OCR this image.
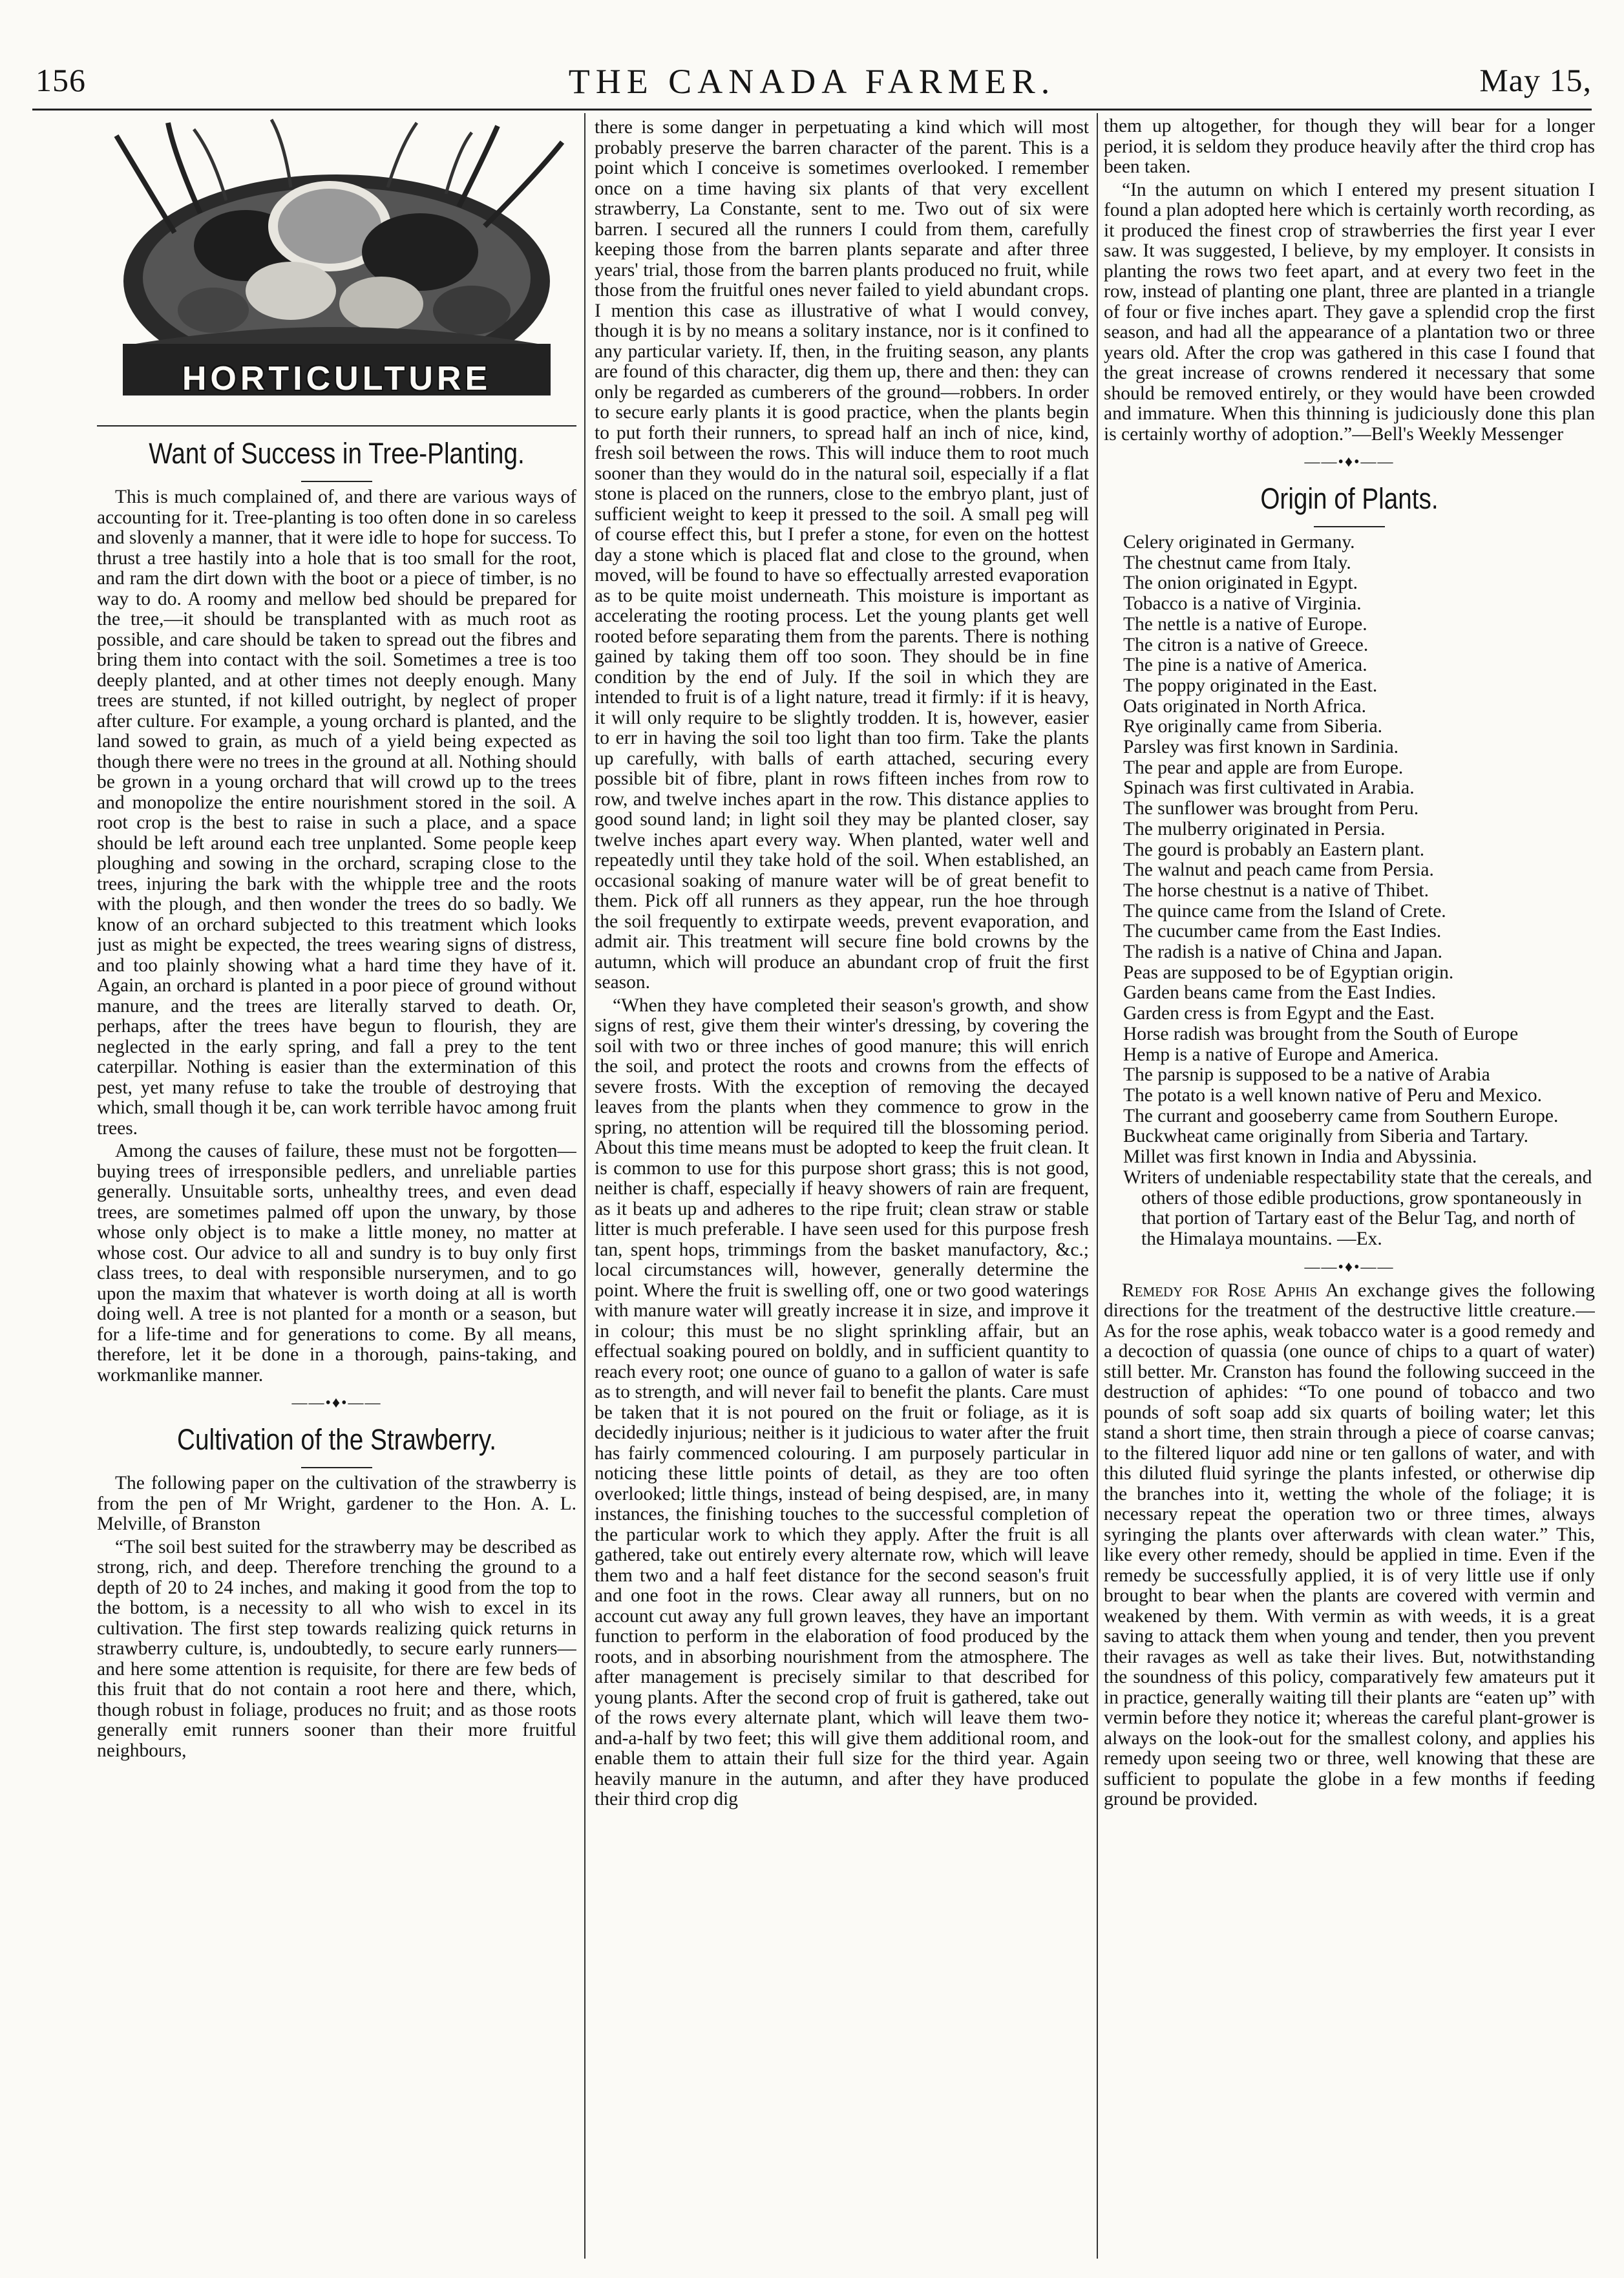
156	THE CANADA FARMER.	May 15,
HORTICULTURE
Want of Success in Tree-Planting.

This is much complained of, and there are various ways of accounting for it. Tree-planting is too often done in so careless and slovenly a manner, that it were idle to hope for success. To thrust a tree hastily into a hole that is too small for the root, and ram the dirt down with the boot or a piece of timber, is no way to do. A roomy and mellow bed should be prepared for the tree,—it should be transplanted with as much root as possible, and care should be taken to spread out the fibres and bring them into contact with the soil. Sometimes a tree is too deeply planted, and at other times not deeply enough. Many trees are stunted, if not killed outright, by neglect of proper after culture. For example, a young orchard is planted, and the land sowed to grain, as much of a yield being expected as though there were no trees in the ground at all. Nothing should be grown in a young orchard that will crowd up to the trees and monopolize the entire nourishment stored in the soil. A root crop is the best to raise in such a place, and a space should be left around each tree unplanted. Some people keep ploughing and sowing in the orchard, scraping close to the trees, injuring the bark with the whipple tree and the roots with the plough, and then wonder the trees do so badly. We know of an orchard subjected to this treatment which looks just as might be expected, the trees wearing signs of distress, and too plainly showing what a hard time they have of it. Again, an orchard is planted in a poor piece of ground without manure, and the trees are literally starved to death. Or, perhaps, after the trees have begun to flourish, they are neglected in the early spring, and fall a prey to the tent caterpillar. Nothing is easier than the extermination of this pest, yet many refuse to take the trouble of destroying that which, small though it be, can work terrible havoc among fruit trees.

Among the causes of failure, these must not be forgotten—buying trees of irresponsible pedlers, and unreliable parties generally. Unsuitable sorts, unhealthy trees, and even dead trees, are sometimes palmed off upon the unwary, by those whose only object is to make a little money, no matter at whose cost. Our advice to all and sundry is to buy only first class trees, to deal with responsible nurserymen, and to go upon the maxim that whatever is worth doing at all is worth doing well. A tree is not planted for a month or a season, but for a life-time and for generations to come. By all means, therefore, let it be done in a thorough, pains-taking, and workmanlike manner.

——•♦•——
Cultivation of the Strawberry.

The following paper on the cultivation of the strawberry is from the pen of Mr Wright, gardener to the Hon. A. L. Melville, of Branston

“The soil best suited for the strawberry may be described as strong, rich, and deep. Therefore trenching the ground to a depth of 20 to 24 inches, and making it good from the top to the bottom, is a necessity to all who wish to excel in its cultivation. The first step towards realizing quick returns in strawberry culture, is, undoubtedly, to secure early runners—and here some attention is requisite, for there are few beds of this fruit that do not contain a root here and there, which, though robust in foliage, produces no fruit; and as those roots generally emit runners sooner than their more fruitful neighbours,

there is some danger in perpetuating a kind which will most probably preserve the barren character of the parent. This is a point which I conceive is sometimes overlooked. I remember once on a time having six plants of that very excellent strawberry, La Constante, sent to me. Two out of six were barren. I secured all the runners I could from them, carefully keeping those from the barren plants separate and after three years' trial, those from the barren plants produced no fruit, while those from the fruitful ones never failed to yield abundant crops. I mention this case as illustrative of what I would convey, though it is by no means a solitary instance, nor is it confined to any particular variety. If, then, in the fruiting season, any plants are found of this character, dig them up, there and then: they can only be regarded as cumberers of the ground—robbers. In order to secure early plants it is good practice, when the plants begin to put forth their runners, to spread half an inch of nice, kind, fresh soil between the rows. This will induce them to root much sooner than they would do in the natural soil, especially if a flat stone is placed on the runners, close to the embryo plant, just of sufficient weight to keep it pressed to the soil. A small peg will of course effect this, but I prefer a stone, for even on the hottest day a stone which is placed flat and close to the ground, when moved, will be found to have so effectually arrested evaporation as to be quite moist underneath. This moisture is important as accelerating the rooting process. Let the young plants get well rooted before separating them from the parents. There is nothing gained by taking them off too soon. They should be in fine condition by the end of July. If the soil in which they are intended to fruit is of a light nature, tread it firmly: if it is heavy, it will only require to be slightly trodden. It is, however, easier to err in having the soil too light than too firm. Take the plants up carefully, with balls of earth attached, securing every possible bit of fibre, plant in rows fifteen inches from row to row, and twelve inches apart in the row. This distance applies to good sound land; in light soil they may be planted closer, say twelve inches apart every way. When planted, water well and repeatedly until they take hold of the soil. When established, an occasional soaking of manure water will be of great benefit to them. Pick off all runners as they appear, run the hoe through the soil frequently to extirpate weeds, prevent evaporation, and admit air. This treatment will secure fine bold crowns by the autumn, which will produce an abundant crop of fruit the first season.

“When they have completed their season's growth, and show signs of rest, give them their winter's dressing, by covering the soil with two or three inches of good manure; this will enrich the soil, and protect the roots and crowns from the effects of severe frosts. With the exception of removing the decayed leaves from the plants when they commence to grow in the spring, no attention will be required till the blossoming period. About this time means must be adopted to keep the fruit clean. It is common to use for this purpose short grass; this is not good, neither is chaff, especially if heavy showers of rain are frequent, as it beats up and adheres to the ripe fruit; clean straw or stable litter is much preferable. I have seen used for this purpose fresh tan, spent hops, trimmings from the basket manufactory, &c.; local circumstances will, however, generally determine the point. Where the fruit is swelling off, one or two good waterings with manure water will greatly increase it in size, and improve it in colour; this must be no slight sprinkling affair, but an effectual soaking poured on boldly, and in sufficient quantity to reach every root; one ounce of guano to a gallon of water is safe as to strength, and will never fail to benefit the plants. Care must be taken that it is not poured on the fruit or foliage, as it is decidedly injurious; neither is it judicious to water after the fruit has fairly commenced colouring. I am purposely particular in noticing these little points of detail, as they are too often overlooked; little things, instead of being despised, are, in many instances, the finishing touches to the successful completion of the particular work to which they apply. After the fruit is all gathered, take out entirely every alternate row, which will leave them two and a half feet distance for the second season's fruit and one foot in the rows. Clear away all runners, but on no account cut away any full grown leaves, they have an important function to perform in the elaboration of food produced by the roots, and in absorbing nourishment from the atmosphere. The after management is precisely similar to that described for young plants. After the second crop of fruit is gathered, take out of the rows every alternate plant, which will leave them two-and-a-half by two feet; this will give them additional room, and enable them to attain their full size for the third year. Again heavily manure in the autumn, and after they have produced their third crop dig

them up altogether, for though they will bear for a longer period, it is seldom they produce heavily after the third crop has been taken.

“In the autumn on which I entered my present situation I found a plan adopted here which is certainly worth recording, as it produced the finest crop of strawberries the first year I ever saw. It was suggested, I believe, by my employer. It consists in planting the rows two feet apart, and at every two feet in the row, instead of planting one plant, three are planted in a triangle of four or five inches apart. They gave a splendid crop the first season, and had all the appearance of a plantation two or three years old. After the crop was gathered in this case I found that the great increase of crowns rendered it necessary that some should be removed entirely, or they would have been crowded and immature. When this thinning is judiciously done this plan is certainly worthy of adoption.”—Bell's Weekly Messenger

——•♦•——
Origin of Plants.

Celery originated in Germany.

The chestnut came from Italy.

The onion originated in Egypt.

Tobacco is a native of Virginia.

The nettle is a native of Europe.

The citron is a native of Greece.

The pine is a native of America.

The poppy originated in the East.

Oats originated in North Africa.

Rye originally came from Siberia.

Parsley was first known in Sardinia.

The pear and apple are from Europe.

Spinach was first cultivated in Arabia.

The sunflower was brought from Peru.

The mulberry originated in Persia.

The gourd is probably an Eastern plant.

The walnut and peach came from Persia.

The horse chestnut is a native of Thibet.

The quince came from the Island of Crete.

The cucumber came from the East Indies.

The radish is a native of China and Japan.

Peas are supposed to be of Egyptian origin.

Garden beans came from the East Indies.

Garden cress is from Egypt and the East.

Horse radish was brought from the South of Europe

Hemp is a native of Europe and America.

The parsnip is supposed to be a native of Arabia

The potato is a well known native of Peru and Mexico.

The currant and gooseberry came from Southern Europe.

Buckwheat came originally from Siberia and Tartary.

Millet was first known in India and Abyssinia.

Writers of undeniable respectability state that the cereals, and others of those edible productions, grow spontaneously in that portion of Tartary east of the Belur Tag, and north of the Himalaya mountains. —Ex.

——•♦•——

Remedy for Rose Aphis An exchange gives the following directions for the treatment of the destructive little creature.—As for the rose aphis, weak tobacco water is a good remedy and a decoction of quassia (one ounce of chips to a quart of water) still better. Mr. Cranston has found the following succeed in the destruction of aphides: “To one pound of tobacco and two pounds of soft soap add six quarts of boiling water; let this stand a short time, then strain through a piece of coarse canvas; to the filtered liquor add nine or ten gallons of water, and with this diluted fluid syringe the plants infested, or otherwise dip the branches into it, wetting the whole of the foliage; it is necessary repeat the operation two or three times, always syringing the plants over afterwards with clean water.” This, like every other remedy, should be applied in time. Even if the remedy be successfully applied, it is of very little use if only brought to bear when the plants are covered with vermin and weakened by them. With vermin as with weeds, it is a great saving to attack them when young and tender, then you prevent their ravages as well as take their lives. But, notwithstanding the soundness of this policy, comparatively few amateurs put it in practice, generally waiting till their plants are “eaten up” with vermin before they notice it; whereas the careful plant-grower is always on the look-out for the smallest colony, and applies his remedy upon seeing two or three, well knowing that these are sufficient to populate the globe in a few months if feeding ground be provided.
